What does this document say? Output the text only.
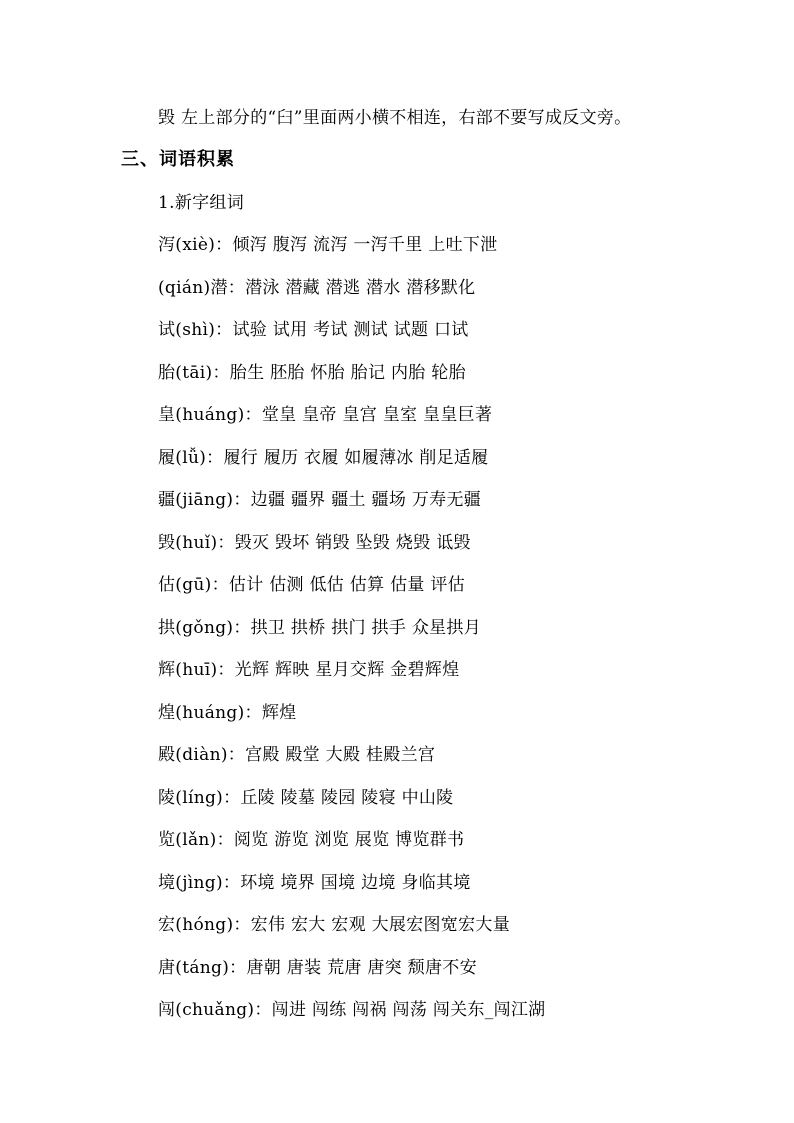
毁 左上部分的“臼”里面两小横不相连，右部不要写成反文旁。
三、词语积累
1.新字组词
泻(xiè)：倾泻 腹泻 流泻 一泻千里 上吐下泄
(qián)潜：潜泳 潜藏 潜逃 潜水 潜移默化
试(shì)：试验 试用 考试 测试 试题 口试
胎(tāi)：胎生 胚胎 怀胎 胎记 内胎 轮胎
皇(huáng)：堂皇 皇帝 皇宫 皇室 皇皇巨著
履(lǚ)：履行 履历 衣履 如履薄冰 削足适履
疆(jiāng)：边疆 疆界 疆土 疆场 万寿无疆
毁(huǐ)：毁灭 毁坏 销毁 坠毁 烧毁 诋毁
估(gū)：估计 估测 低估 估算 估量 评估
拱(gǒng)：拱卫 拱桥 拱门 拱手 众星拱月
辉(huī)：光辉 辉映 星月交辉 金碧辉煌
煌(huáng)：辉煌
殿(diàn)：宫殿 殿堂 大殿 桂殿兰宫
陵(líng)：丘陵 陵墓 陵园 陵寝 中山陵
览(lǎn)：阅览 游览 浏览 展览 博览群书
境(jìng)：环境 境界 国境 边境 身临其境
宏(hóng)：宏伟 宏大 宏观 大展宏图宽宏大量
唐(táng)：唐朝 唐装 荒唐 唐突 颓唐不安
闯(chuǎng)：闯进 闯练 闯祸 闯荡 闯关东_闯江湖
